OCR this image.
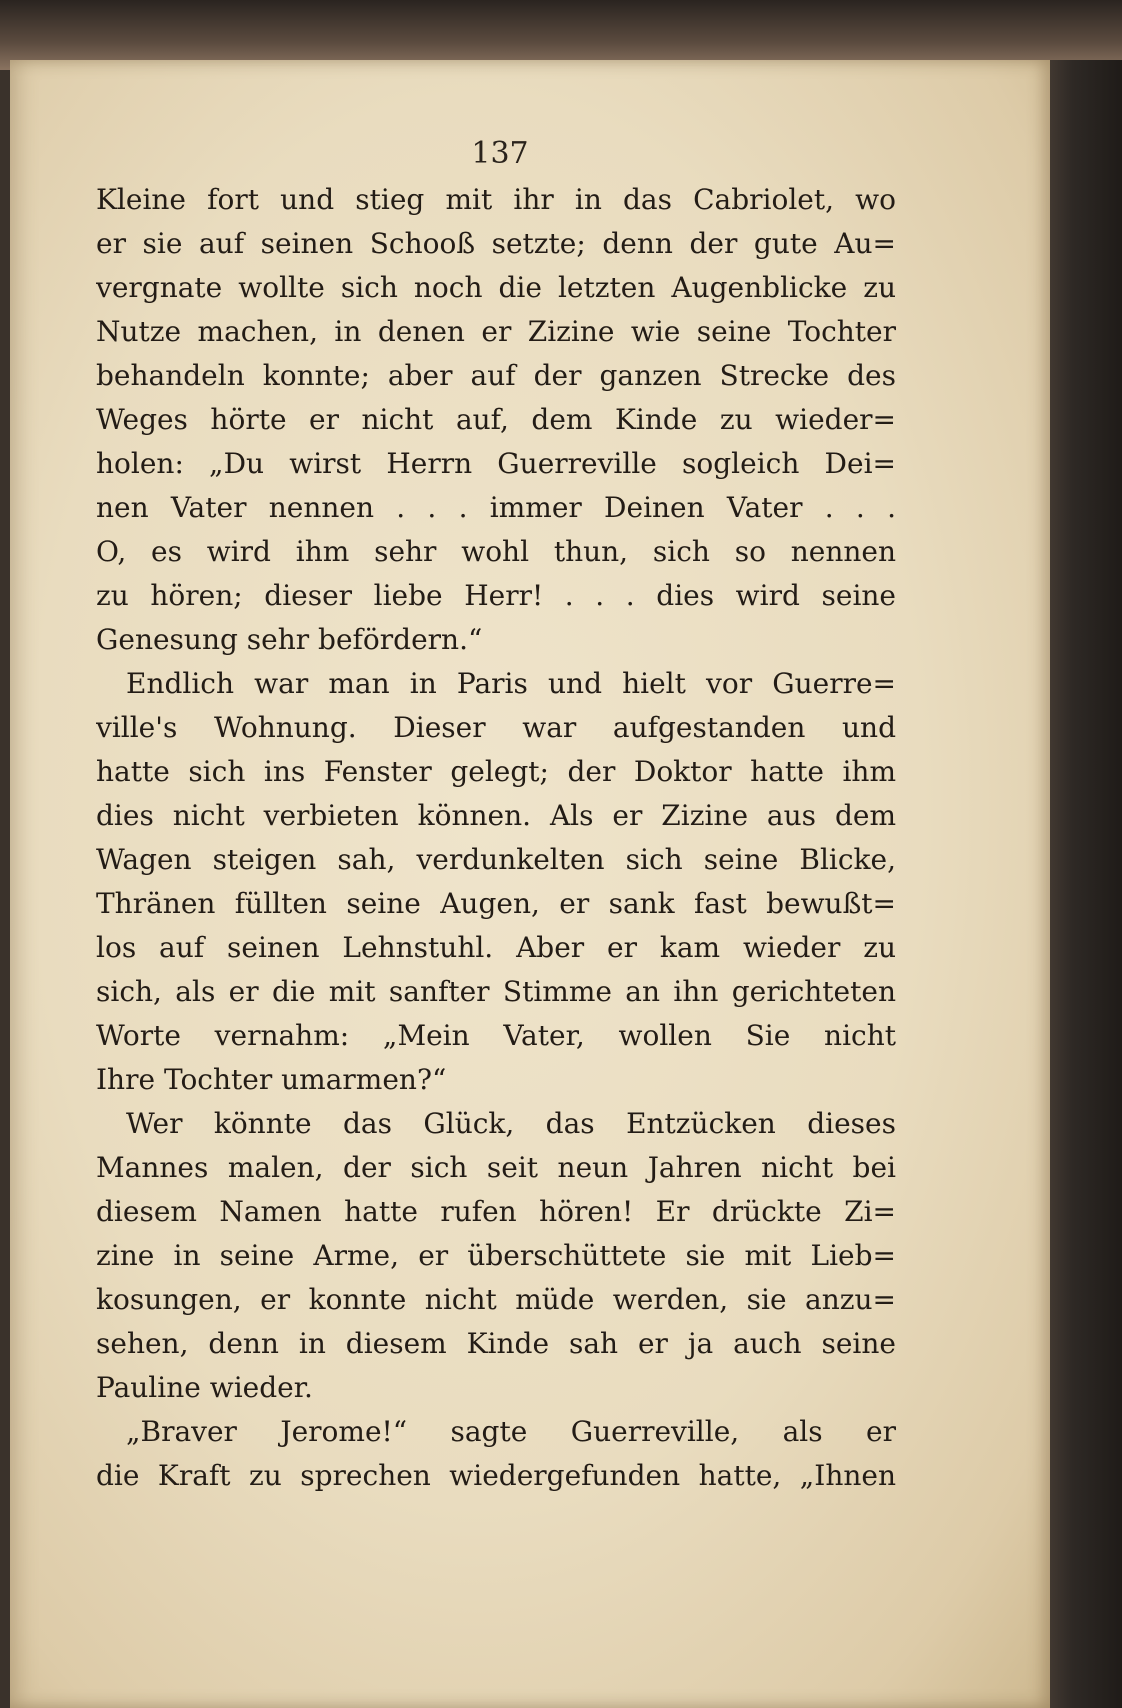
137
Kleine fort und stieg mit ihr in das Cabriolet, wo
er sie auf seinen Schooß setzte; denn der gute Au=
vergnate wollte sich noch die letzten Augenblicke zu
Nutze machen, in denen er Zizine wie seine Tochter
behandeln konnte; aber auf der ganzen Strecke des
Weges hörte er nicht auf, dem Kinde zu wieder=
holen: „Du wirst Herrn Guerreville sogleich Dei=
nen Vater nennen . . . immer Deinen Vater . . .
O, es wird ihm sehr wohl thun, sich so nennen
zu hören; dieser liebe Herr! . . . dies wird seine
Genesung sehr befördern.“
Endlich war man in Paris und hielt vor Guerre=
ville's Wohnung. Dieser war aufgestanden und
hatte sich ins Fenster gelegt; der Doktor hatte ihm
dies nicht verbieten können. Als er Zizine aus dem
Wagen steigen sah, verdunkelten sich seine Blicke,
Thränen füllten seine Augen, er sank fast bewußt=
los auf seinen Lehnstuhl. Aber er kam wieder zu
sich, als er die mit sanfter Stimme an ihn gerichteten
Worte vernahm: „Mein Vater, wollen Sie nicht
Ihre Tochter umarmen?“
Wer könnte das Glück, das Entzücken dieses
Mannes malen, der sich seit neun Jahren nicht bei
diesem Namen hatte rufen hören! Er drückte Zi=
zine in seine Arme, er überschüttete sie mit Lieb=
kosungen, er konnte nicht müde werden, sie anzu=
sehen, denn in diesem Kinde sah er ja auch seine
Pauline wieder.
„Braver Jerome!“ sagte Guerreville, als er
die Kraft zu sprechen wiedergefunden hatte, „Ihnen
